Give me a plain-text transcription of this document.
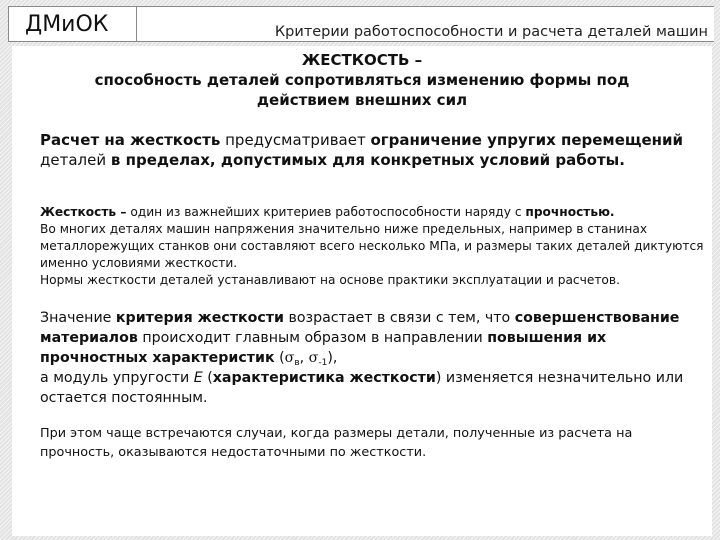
ДМиОК	Критерии работоспособности и расчета деталей машин
ЖЕСТКОСТЬ –
способность деталей сопротивляться изменению формы под
действием внешних сил
Расчет на жесткость предусматривает ограничение упругих перемещений деталей в пределах, допустимых для конкретных условий работы.
Жесткость – один из важнейших критериев работоспособности наряду с прочностью.
Во многих деталях машин напряжения значительно ниже предельных, например в станинах металлорежущих станков они составляют всего несколько МПа, и размеры таких деталей диктуются именно условиями жесткости.
Нормы жесткости деталей устанавливают на основе практики эксплуатации и расчетов.
Значение критерия жесткости возрастает в связи с тем, что совершенствование материалов происходит главным образом в направлении повышения их прочностных характеристик ($\sigma_в$, $\sigma_{-1}$),
а модуль упругости E (характеристика жесткости) изменяется незначительно или остается постоянным.
При этом чаще встречаются случаи, когда размеры детали, полученные из расчета на прочность, оказываются недостаточными по жесткости.
